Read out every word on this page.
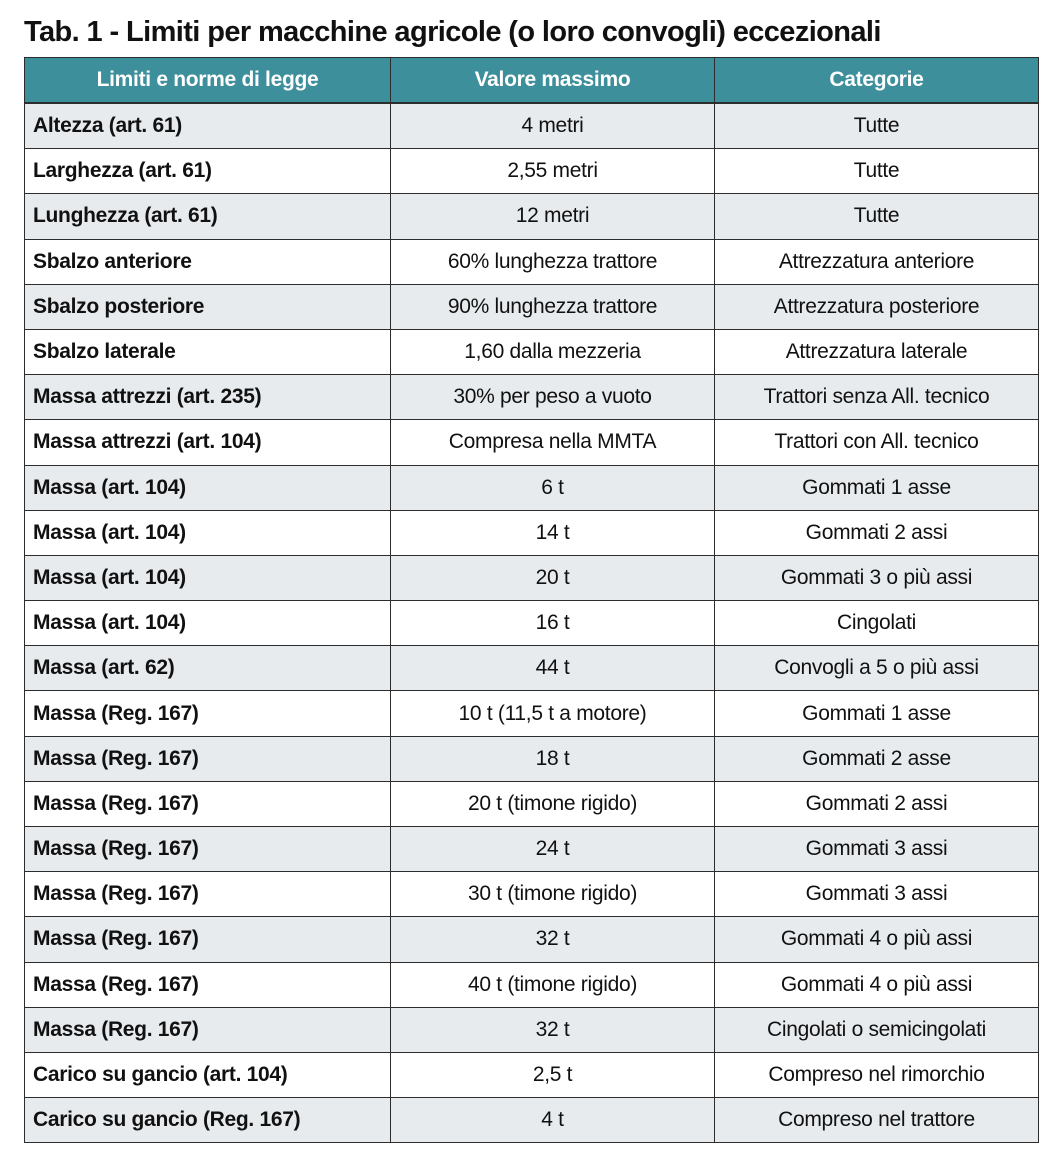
Tab. 1 - Limiti per macchine agricole (o loro convogli) eccezionali
Limiti e norme di legge	Valore massimo	Categorie
Altezza (art. 61)	4 metri	Tutte
Larghezza (art. 61)	2,55 metri	Tutte
Lunghezza (art. 61)	12 metri	Tutte
Sbalzo anteriore	60% lunghezza trattore	Attrezzatura anteriore
Sbalzo posteriore	90% lunghezza trattore	Attrezzatura posteriore
Sbalzo laterale	1,60 dalla mezzeria	Attrezzatura laterale
Massa attrezzi (art. 235)	30% per peso a vuoto	Trattori senza All. tecnico
Massa attrezzi (art. 104)	Compresa nella MMTA	Trattori con All. tecnico
Massa (art. 104)	6 t	Gommati 1 asse
Massa (art. 104)	14 t	Gommati 2 assi
Massa (art. 104)	20 t	Gommati 3 o più assi
Massa (art. 104)	16 t	Cingolati
Massa (art. 62)	44 t	Convogli a 5 o più assi
Massa (Reg. 167)	10 t (11,5 t a motore)	Gommati 1 asse
Massa (Reg. 167)	18 t	Gommati 2 asse
Massa (Reg. 167)	20 t (timone rigido)	Gommati 2 assi
Massa (Reg. 167)	24 t	Gommati 3 assi
Massa (Reg. 167)	30 t (timone rigido)	Gommati 3 assi
Massa (Reg. 167)	32 t	Gommati 4 o più assi
Massa (Reg. 167)	40 t (timone rigido)	Gommati 4 o più assi
Massa (Reg. 167)	32 t	Cingolati o semicingolati
Carico su gancio (art. 104)	2,5 t	Compreso nel rimorchio
Carico su gancio (Reg. 167)	4 t	Compreso nel trattore
